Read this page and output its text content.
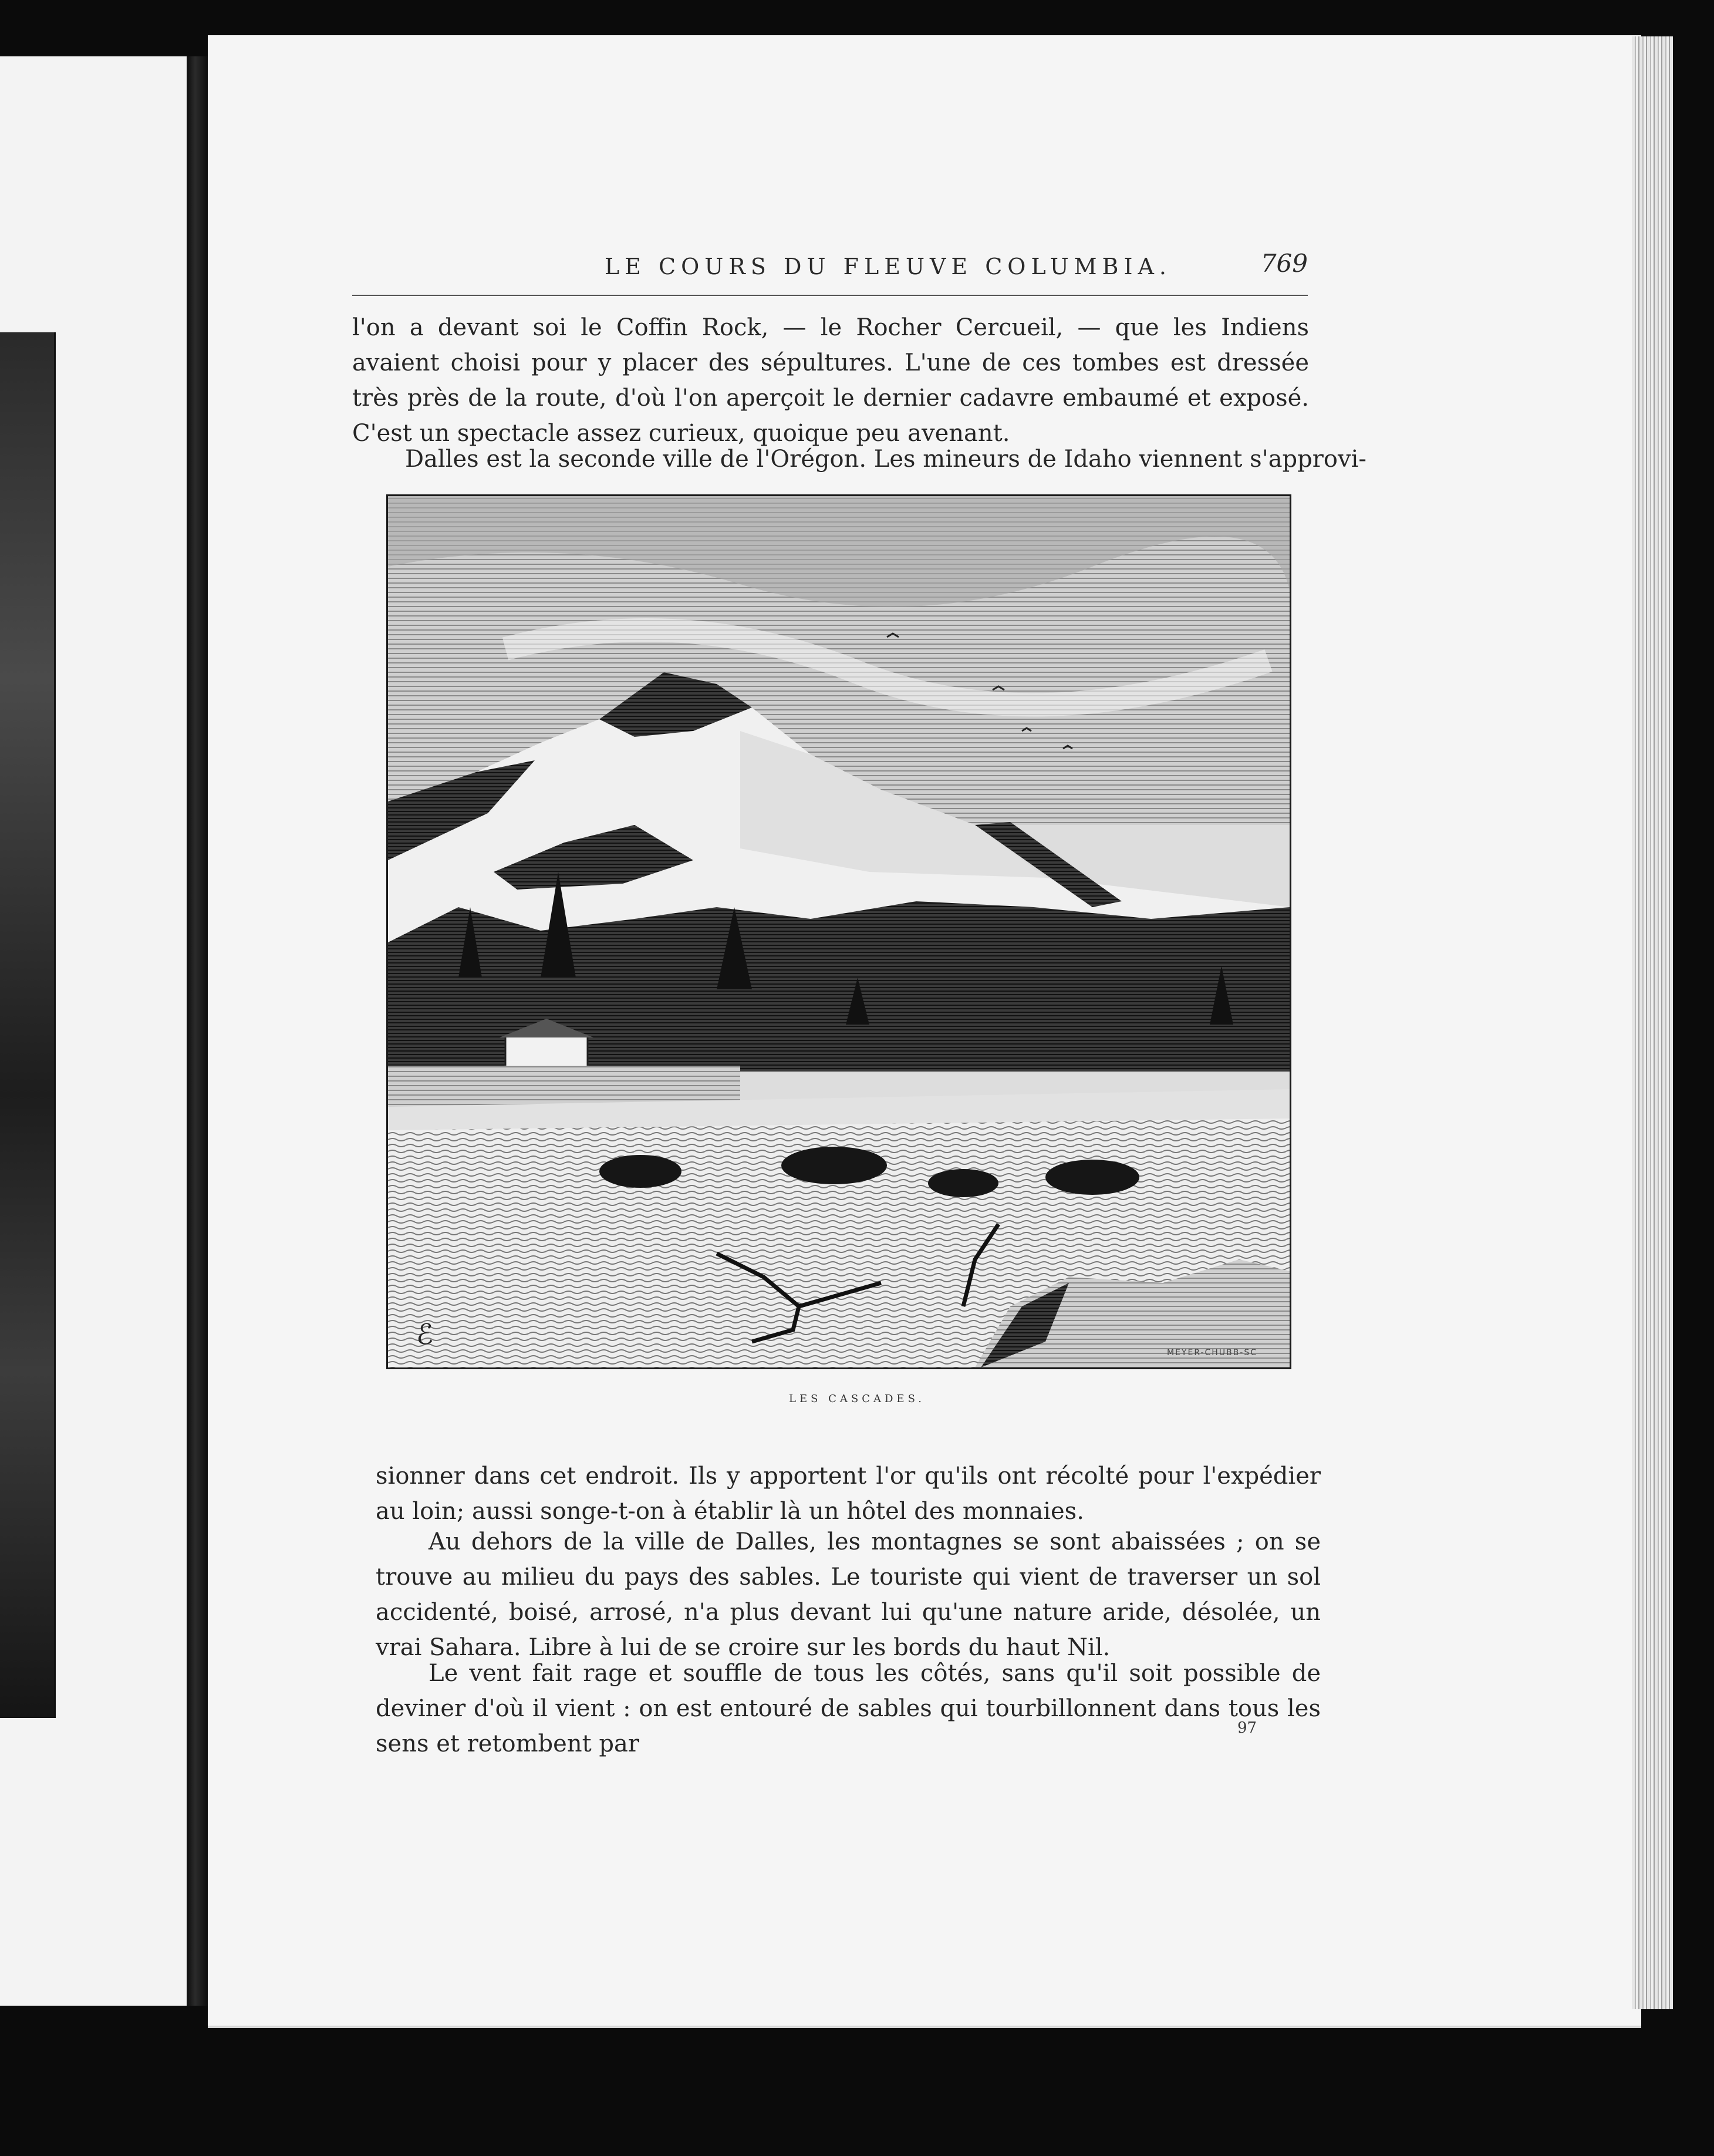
LE COURS DU FLEUVE COLUMBIA.	769

l'on a devant soi le Coffin Rock, — le Rocher Cercueil, — que les Indiens avaient choisi pour y placer des sépultures. L'une de ces tombes est dressée très près de la route, d'où l'on aperçoit le dernier cadavre embaumé et exposé. C'est un spectacle assez curieux, quoique peu avenant.

Dalles est la seconde ville de l'Orégon. Les mineurs de Idaho viennent s'approvi-

ℰ
MEYER-CHUBB-SC
LES CASCADES.

sionner dans cet endroit. Ils y apportent l'or qu'ils ont récolté pour l'expédier au loin; aussi songe-t-on à établir là un hôtel des monnaies.

Au dehors de la ville de Dalles, les montagnes se sont abaissées ; on se trouve au milieu du pays des sables. Le touriste qui vient de traverser un sol accidenté, boisé, arrosé, n'a plus devant lui qu'une nature aride, désolée, un vrai Sahara. Libre à lui de se croire sur les bords du haut Nil.

Le vent fait rage et souffle de tous les côtés, sans qu'il soit possible de deviner d'où il vient : on est entouré de sables qui tourbillonnent dans tous les sens et retombent par

97
